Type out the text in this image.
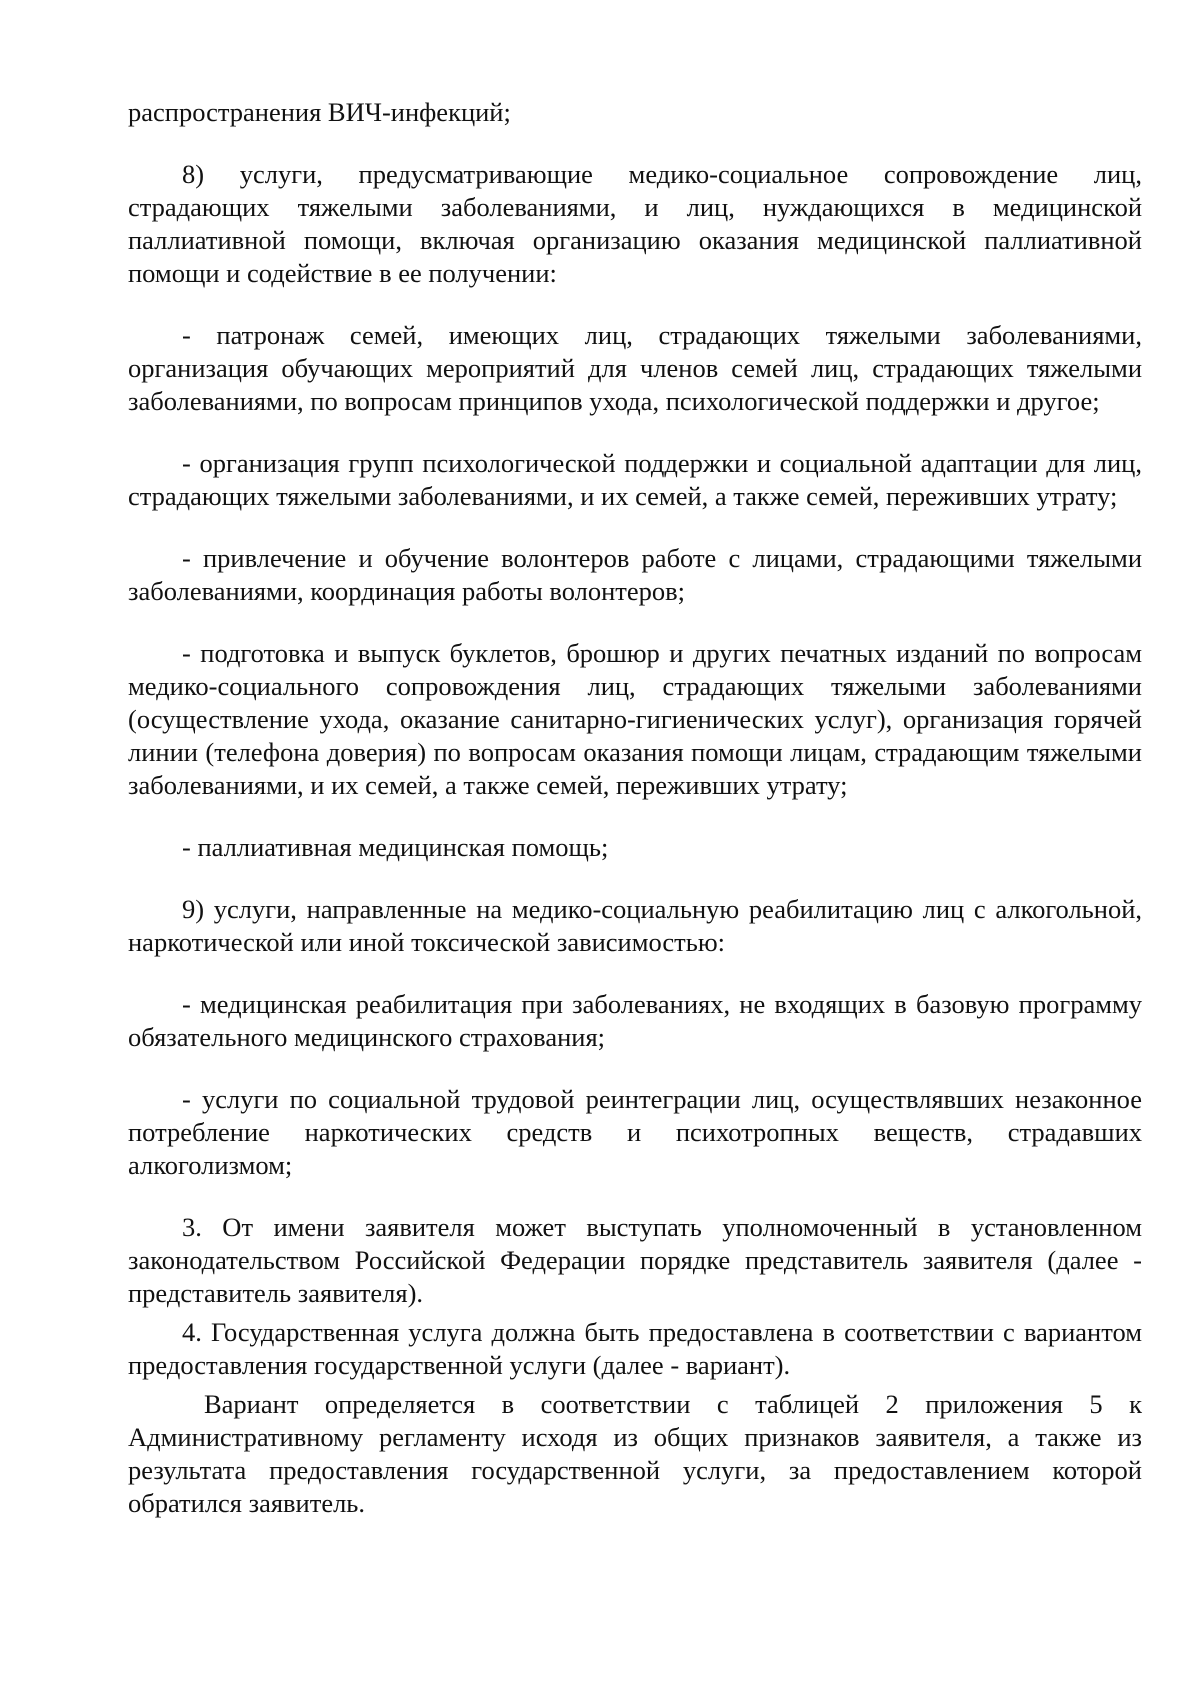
распространения ВИЧ-инфекций;

8) услуги, предусматривающие медико-социальное сопровождение лиц, страдающих тяжелыми заболеваниями, и лиц, нуждающихся в медицинской паллиативной помощи, включая организацию оказания медицинской паллиативной помощи и содействие в ее получении:

- патронаж семей, имеющих лиц, страдающих тяжелыми заболеваниями, организация обучающих мероприятий для членов семей лиц, страдающих тяжелыми заболеваниями, по вопросам принципов ухода, психологической поддержки и другое;

- организация групп психологической поддержки и социальной адаптации для лиц, страдающих тяжелыми заболеваниями, и их семей, а также семей, переживших утрату;

- привлечение и обучение волонтеров работе с лицами, страдающими тяжелыми заболеваниями, координация работы волонтеров;

- подготовка и выпуск буклетов, брошюр и других печатных изданий по вопросам медико-социального сопровождения лиц, страдающих тяжелыми заболеваниями (осуществление ухода, оказание санитарно-гигиенических услуг), организация горячей линии (телефона доверия) по вопросам оказания помощи лицам, страдающим тяжелыми заболеваниями, и их семей, а также семей, переживших утрату;

- паллиативная медицинская помощь;

9) услуги, направленные на медико-социальную реабилитацию лиц с алкогольной, наркотической или иной токсической зависимостью:

- медицинская реабилитация при заболеваниях, не входящих в базовую программу обязательного медицинского страхования;

- услуги по социальной трудовой реинтеграции лиц, осуществлявших незаконное потребление наркотических средств и психотропных веществ, страдавших алкоголизмом;

3. От имени заявителя может выступать уполномоченный в установленном законодательством Российской Федерации порядке представитель заявителя (далее - представитель заявителя).

4. Государственная услуга должна быть предоставлена в соответствии с вариантом предоставления государственной услуги (далее - вариант).

Вариант определяется в соответствии с таблицей 2 приложения 5 к Административному регламенту исходя из общих признаков заявителя, а также из результата предоставления государственной услуги, за предоставлением которой обратился заявитель.
